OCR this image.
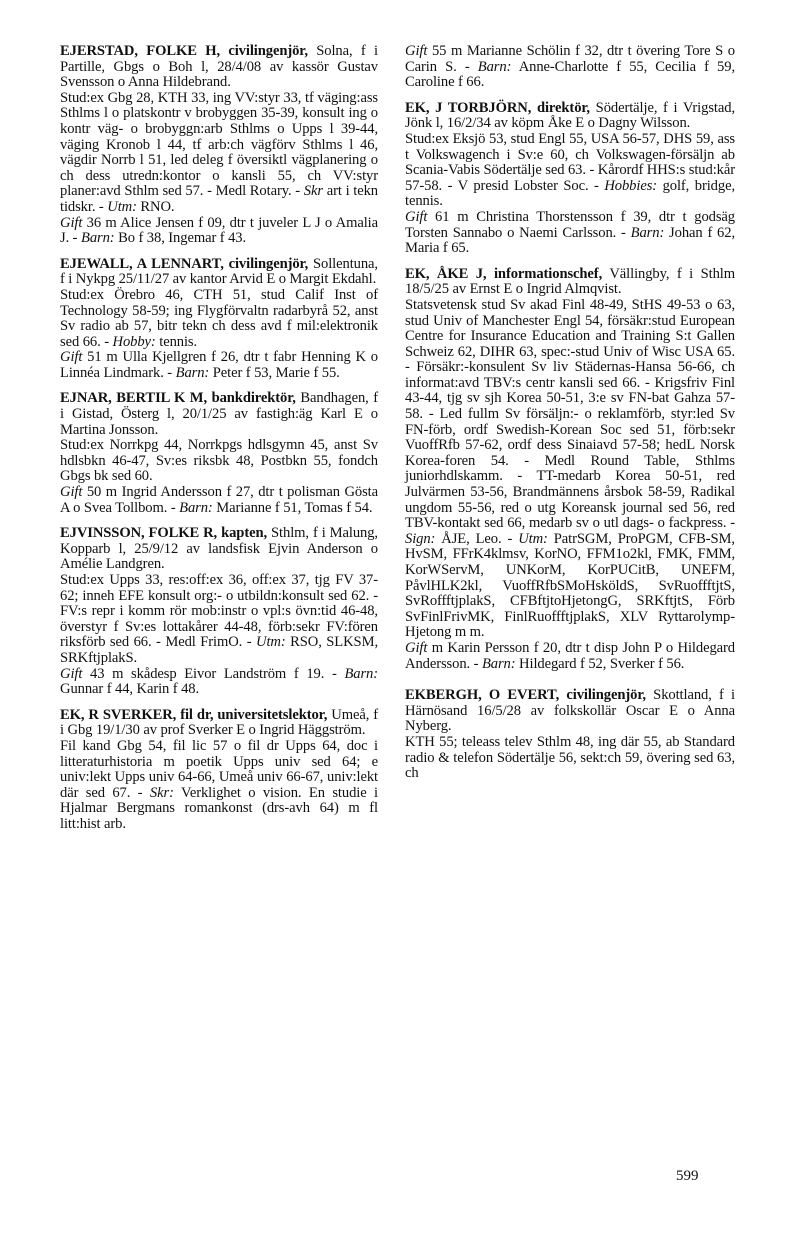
EJERSTAD, FOLKE H, civilingenjör, Solna, f i Partille, Gbgs o Boh l, 28/4/08 av kassör Gustav Svensson o Anna Hildebrand.

Stud:ex Gbg 28, KTH 33, ing VV:styr 33, tf väging:ass Sthlms l o platskontr v brobyggen 35-39, konsult ing o kontr väg- o brobyggn:arb Sthlms o Upps l 39-44, väging Kronob l 44, tf arb:ch vägförv Sthlms l 46, vägdir Norrb l 51, led deleg f översiktl vägplanering o ch dess utredn:kontor o kansli 55, ch VV:styr planer:avd Sthlm sed 57. - Medl Rotary. - Skr art i tekn tidskr. - Utm: RNO.

Gift 36 m Alice Jensen f 09, dtr t juveler L J o Amalia J. - Barn: Bo f 38, Ingemar f 43.

EJEWALL, A LENNART, civilingenjör, Sollentuna, f i Nykpg 25/11/27 av kantor Arvid E o Margit Ekdahl.

Stud:ex Örebro 46, CTH 51, stud Calif Inst of Technology 58-59; ing Flygförvaltn radarbyrå 52, anst Sv radio ab 57, bitr tekn ch dess avd f mil:elektronik sed 66. - Hobby: tennis.

Gift 51 m Ulla Kjellgren f 26, dtr t fabr Henning K o Linnéa Lindmark. - Barn: Peter f 53, Marie f 55.

EJNAR, BERTIL K M, bankdirektör, Bandhagen, f i Gistad, Österg l, 20/1/25 av fastigh:äg Karl E o Martina Jonsson.

Stud:ex Norrkpg 44, Norrkpgs hdlsgymn 45, anst Sv hdlsbkn 46-47, Sv:es riksbk 48, Postbkn 55, fondch Gbgs bk sed 60.

Gift 50 m Ingrid Andersson f 27, dtr t polisman Gösta A o Svea Tollbom. - Barn: Marianne f 51, Tomas f 54.

EJVINSSON, FOLKE R, kapten, Sthlm, f i Malung, Kopparb l, 25/9/12 av landsfisk Ejvin Anderson o Amélie Landgren.

Stud:ex Upps 33, res:off:ex 36, off:ex 37, tjg FV 37-62; inneh EFE konsult org:- o utbildn:konsult sed 62. - FV:s repr i komm rör mob:instr o vpl:s övn:tid 46-48, överstyr f Sv:es lottakårer 44-48, förb:sekr FV:fören riksförb sed 66. - Medl FrimO. - Utm: RSO, SLKSM, SRKftjplakS.

Gift 43 m skådesp Eivor Landström f 19. - Barn: Gunnar f 44, Karin f 48.

EK, R SVERKER, fil dr, universitetslektor, Umeå, f i Gbg 19/1/30 av prof Sverker E o Ingrid Häggström.

Fil kand Gbg 54, fil lic 57 o fil dr Upps 64, doc i litteraturhistoria m poetik Upps univ sed 64; e univ:lekt Upps univ 64-66, Umeå univ 66-67, univ:lekt där sed 67. - Skr: Verklighet o vision. En studie i Hjalmar Bergmans romankonst (drs-avh 64) m fl litt:hist arb.

Gift 55 m Marianne Schölin f 32, dtr t övering Tore S o Carin S. - Barn: Anne-Charlotte f 55, Cecilia f 59, Caroline f 66.

EK, J TORBJÖRN, direktör, Södertälje, f i Vrigstad, Jönk l, 16/2/34 av köpm Åke E o Dagny Wilsson.

Stud:ex Eksjö 53, stud Engl 55, USA 56-57, DHS 59, ass t Volkswagench i Sv:e 60, ch Volkswagen-försäljn ab Scania-Vabis Södertälje sed 63. - Kårordf HHS:s stud:kår 57-58. - V presid Lobster Soc. - Hobbies: golf, bridge, tennis.

Gift 61 m Christina Thorstensson f 39, dtr t godsäg Torsten Sannabo o Naemi Carlsson. - Barn: Johan f 62, Maria f 65.

EK, ÅKE J, informationschef, Vällingby, f i Sthlm 18/5/25 av Ernst E o Ingrid Almqvist.

Statsvetensk stud Sv akad Finl 48-49, StHS 49-53 o 63, stud Univ of Manchester Engl 54, försäkr:stud European Centre for Insurance Education and Training S:t Gallen Schweiz 62, DIHR 63, spec:-stud Univ of Wisc USA 65. - Försäkr:-konsulent Sv liv Städernas-Hansa 56-66, ch informat:avd TBV:s centr kansli sed 66. - Krigsfriv Finl 43-44, tjg sv sjh Korea 50-51, 3:e sv FN-bat Gahza 57-58. - Led fullm Sv försäljn:- o reklamförb, styr:led Sv FN-förb, ordf Swedish-Korean Soc sed 51, förb:sekr VuoffRfb 57-62, ordf dess Sinaiavd 57-58; hedL Norsk Korea-foren 54. - Medl Round Table, Sthlms juniorhdlskamm. - TT-medarb Korea 50-51, red Julvärmen 53-56, Brandmännens årsbok 58-59, Radikal ungdom 55-56, red o utg Koreansk journal sed 56, red TBV-kontakt sed 66, medarb sv o utl dags- o fackpress. - Sign: ÅJE, Leo. - Utm: PatrSGM, ProPGM, CFB-SM, HvSM, FFrK4klmsv, KorNO, FFM1o2kl, FMK, FMM, KorWServM, UNKorM, KorPUCitB, UNEFM, PåvlHLK2kl, VuoffRfbSMoHsköldS, SvRuoffftjtS, SvRoffftjplakS, CFBftjtoHjetongG, SRKftjtS, Förb SvFinlFrivMK, FinlRuoffftjplakS, XLV Ryttarolymp-Hjetong m m.

Gift m Karin Persson f 20, dtr t disp John P o Hildegard Andersson. - Barn: Hildegard f 52, Sverker f 56.

EKBERGH, O EVERT, civilingenjör, Skottland, f i Härnösand 16/5/28 av folkskollär Oscar E o Anna Nyberg.

KTH 55; teleass telev Sthlm 48, ing där 55, ab Standard radio & telefon Södertälje 56, sekt:ch 59, övering sed 63, ch

599
